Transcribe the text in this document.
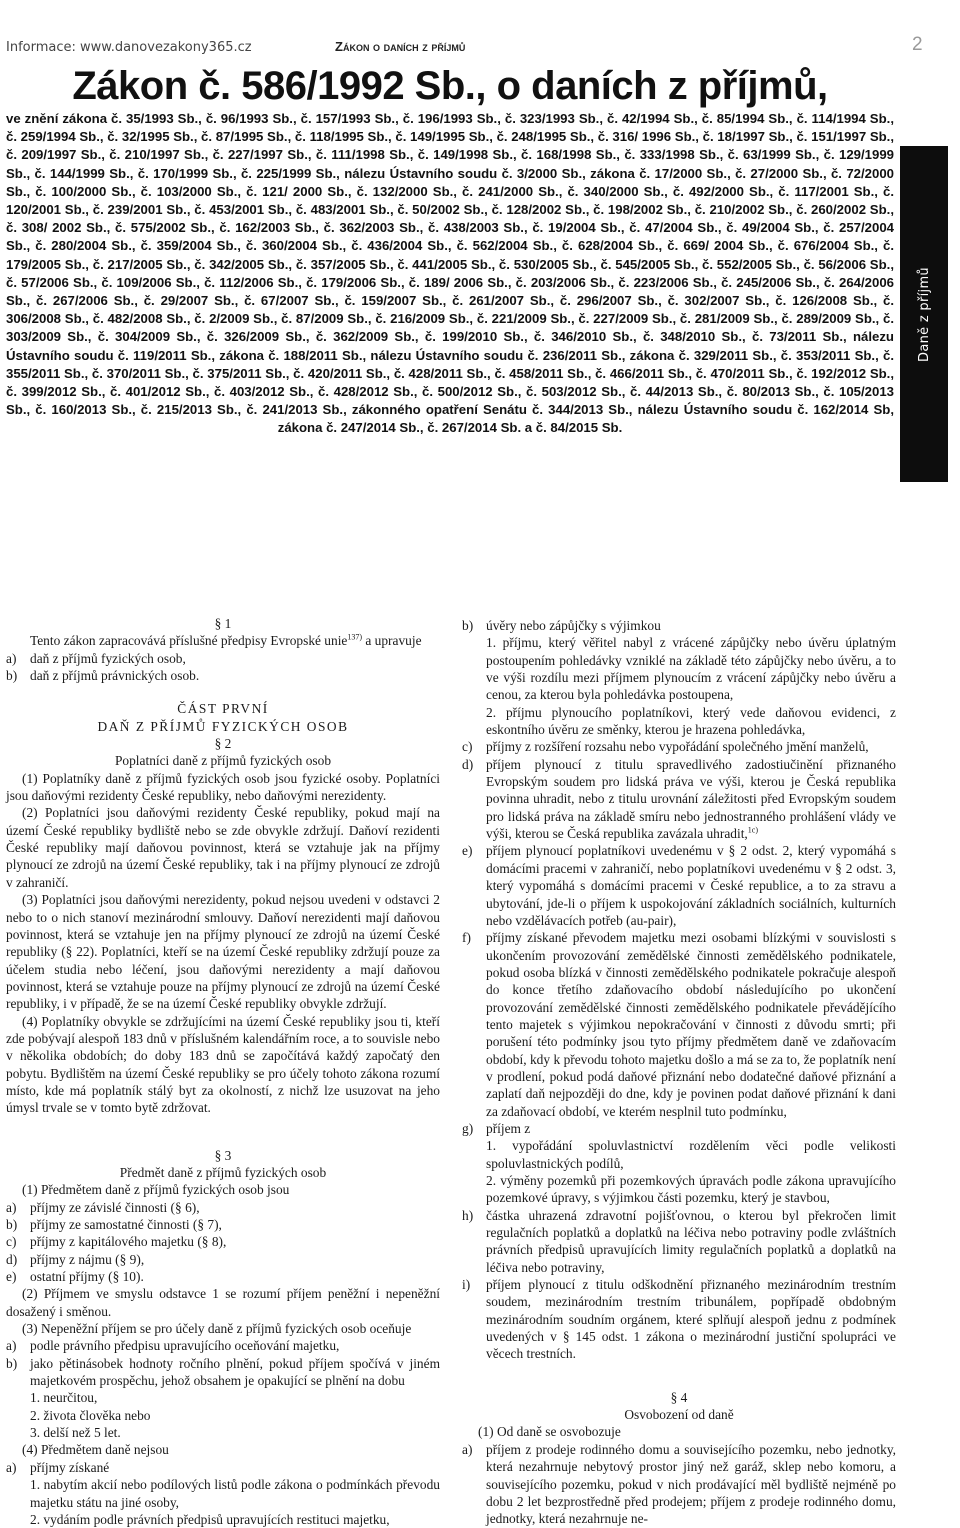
Informace: www.danovezakony365.cz	Zákon o daních z příjmů	2
Daně z příjmů
Zákon č. 586/1992 Sb., o daních z příjmů,

ve znění zákona č. 35/1993 Sb., č. 96/1993 Sb., č. 157/1993 Sb., č. 196/1993 Sb., č. 323/1993 Sb., č. 42/1994 Sb., č. 85/1994 Sb., č. 114/1994 Sb., č. 259/1994 Sb., č. 32/1995 Sb., č. 87/1995 Sb., č. 118/1995 Sb., č. 149/1995 Sb., č. 248/1995 Sb., č. 316/ 1996 Sb., č. 18/1997 Sb., č. 151/1997 Sb., č. 209/1997 Sb., č. 210/1997 Sb., č. 227/1997 Sb., č. 111/1998 Sb., č. 149/1998 Sb., č. 168/1998 Sb., č. 333/1998 Sb., č. 63/1999 Sb., č. 129/1999 Sb., č. 144/1999 Sb., č. 170/1999 Sb., č. 225/1999 Sb., nálezu Ústavního soudu č. 3/2000 Sb., zákona č. 17/2000 Sb., č. 27/2000 Sb., č. 72/2000 Sb., č. 100/2000 Sb., č. 103/2000 Sb., č. 121/ 2000 Sb., č. 132/2000 Sb., č. 241/2000 Sb., č. 340/2000 Sb., č. 492/2000 Sb., č. 117/2001 Sb., č. 120/2001 Sb., č. 239/2001 Sb., č. 453/2001 Sb., č. 483/2001 Sb., č. 50/2002 Sb., č. 128/2002 Sb., č. 198/2002 Sb., č. 210/2002 Sb., č. 260/2002 Sb., č. 308/ 2002 Sb., č. 575/2002 Sb., č. 162/2003 Sb., č. 362/2003 Sb., č. 438/2003 Sb., č. 19/2004 Sb., č. 47/2004 Sb., č. 49/2004 Sb., č. 257/2004 Sb., č. 280/2004 Sb., č. 359/2004 Sb., č. 360/2004 Sb., č. 436/2004 Sb., č. 562/2004 Sb., č. 628/2004 Sb., č. 669/ 2004 Sb., č. 676/2004 Sb., č. 179/2005 Sb., č. 217/2005 Sb., č. 342/2005 Sb., č. 357/2005 Sb., č. 441/2005 Sb., č. 530/2005 Sb., č. 545/2005 Sb., č. 552/2005 Sb., č. 56/2006 Sb., č. 57/2006 Sb., č. 109/2006 Sb., č. 112/2006 Sb., č. 179/2006 Sb., č. 189/ 2006 Sb., č. 203/2006 Sb., č. 223/2006 Sb., č. 245/2006 Sb., č. 264/2006 Sb., č. 267/2006 Sb., č. 29/2007 Sb., č. 67/2007 Sb., č. 159/2007 Sb., č. 261/2007 Sb., č. 296/2007 Sb., č. 302/2007 Sb., č. 126/2008 Sb., č. 306/2008 Sb., č. 482/2008 Sb., č. 2/2009 Sb., č. 87/2009 Sb., č. 216/2009 Sb., č. 221/2009 Sb., č. 227/2009 Sb., č. 281/2009 Sb., č. 289/2009 Sb., č. 303/2009 Sb., č. 304/2009 Sb., č. 326/2009 Sb., č. 362/2009 Sb., č. 199/2010 Sb., č. 346/2010 Sb., č. 348/2010 Sb., č. 73/2011 Sb., nálezu Ústavního soudu č. 119/2011 Sb., zákona č. 188/2011 Sb., nálezu Ústavního soudu č. 236/2011 Sb., zákona č. 329/2011 Sb., č. 353/2011 Sb., č. 355/2011 Sb., č. 370/2011 Sb., č. 375/2011 Sb., č. 420/2011 Sb., č. 428/2011 Sb., č. 458/2011 Sb., č. 466/2011 Sb., č. 470/2011 Sb., č. 192/2012 Sb., č. 399/2012 Sb., č. 401/2012 Sb., č. 403/2012 Sb., č. 428/2012 Sb., č. 500/2012 Sb., č. 503/2012 Sb., č. 44/2013 Sb., č. 80/2013 Sb., č. 105/2013 Sb., č. 160/2013 Sb., č. 215/2013 Sb., č. 241/2013 Sb., zákonného opatření Senátu č. 344/2013 Sb., nálezu Ústavního soudu č. 162/2014 Sb, zákona č. 247/2014 Sb., č. 267/2014 Sb. a č. 84/2015 Sb.

§ 1

Tento zákon zapracovává příslušné předpisy Evropské unie$^{137)}$ a upravuje

a) daň z příjmů fyzických osob,

b) daň z příjmů právnických osob.

ČÁST PRVNÍ

DAŇ Z PŘÍJMŮ FYZICKÝCH OSOB

§ 2

Poplatníci daně z příjmů fyzických osob

(1) Poplatníky daně z příjmů fyzických osob jsou fyzické osoby. Poplatníci jsou daňovými rezidenty České republiky, nebo daňovými nerezidenty.

(2) Poplatníci jsou daňovými rezidenty České republiky, pokud mají na území České republiky bydliště nebo se zde obvykle zdržují. Daňoví rezidenti České republiky mají daňovou povinnost, která se vztahuje jak na příjmy plynoucí ze zdrojů na území České republiky, tak i na příjmy plynoucí ze zdrojů v zahraničí.

(3) Poplatníci jsou daňovými nerezidenty, pokud nejsou uvedeni v odstavci 2 nebo to o nich stanoví mezinárodní smlouvy. Daňoví nerezidenti mají daňovou povinnost, která se vztahuje jen na příjmy plynoucí ze zdrojů na území České republiky (§ 22). Poplatníci, kteří se na území České republiky zdržují pouze za účelem studia nebo léčení, jsou daňovými nerezidenty a mají daňovou povinnost, která se vztahuje pouze na příjmy plynoucí ze zdrojů na území České republiky, i v případě, že se na území České republiky obvykle zdržují.

(4) Poplatníky obvykle se zdržujícími na území České republiky jsou ti, kteří zde pobývají alespoň 183 dnů v příslušném kalendářním roce, a to souvisle nebo v několika obdobích; do doby 183 dnů se započítává každý započatý den pobytu. Bydlištěm na území České republiky se pro účely tohoto zákona rozumí místo, kde má poplatník stálý byt za okolností, z nichž lze usuzovat na jeho úmysl trvale se v tomto bytě zdržovat.

§ 3

Předmět daně z příjmů fyzických osob

(1) Předmětem daně z příjmů fyzických osob jsou

a) příjmy ze závislé činnosti (§ 6),

b) příjmy ze samostatné činnosti (§ 7),

c) příjmy z kapitálového majetku (§ 8),

d) příjmy z nájmu (§ 9),

e) ostatní příjmy (§ 10).

(2) Příjmem ve smyslu odstavce 1 se rozumí příjem peněžní i nepeněžní dosažený i směnou.

(3) Nepeněžní příjem se pro účely daně z příjmů fyzických osob oceňuje

a) podle právního předpisu upravujícího oceňování majetku,

b) jako pětinásobek hodnoty ročního plnění, pokud příjem spočívá v jiném majetkovém prospěchu, jehož obsahem je opakující se plnění na dobu

1. neurčitou,

2. života člověka nebo

3. delší než 5 let.

(4) Předmětem daně nejsou

a) příjmy získané

1. nabytím akcií nebo podílových listů podle zákona o podmínkách převodu majetku státu na jiné osoby,

2. vydáním podle právních předpisů upravujících restituci majetku,

b) úvěry nebo zápůjčky s výjimkou

1. příjmu, který věřitel nabyl z vrácené zápůjčky nebo úvěru úplatným postoupením pohledávky vzniklé na základě této zápůjčky nebo úvěru, a to ve výši rozdílu mezi příjmem plynoucím z vrácení zápůjčky nebo úvěru a cenou, za kterou byla pohledávka postoupena,

2. příjmu plynoucího poplatníkovi, který vede daňovou evidenci, z eskontního úvěru ze směnky, kterou je hrazena pohledávka,

c) příjmy z rozšíření rozsahu nebo vypořádání společného jmění manželů,

d) příjem plynoucí z titulu spravedlivého zadostiučinění přiznaného Evropským soudem pro lidská práva ve výši, kterou je Česká republika povinna uhradit, nebo z titulu urovnání záležitosti před Evropským soudem pro lidská práva na základě smíru nebo jednostranného prohlášení vlády ve výši, kterou se Česká republika zavázala uhradit,$^{1c)}$

e) příjem plynoucí poplatníkovi uvedenému v § 2 odst. 2, který vypomáhá s domácími pracemi v zahraničí, nebo poplatníkovi uvedenému v § 2 odst. 3, který vypomáhá s domácími pracemi v České republice, a to za stravu a ubytování, jde-li o příjem k uspokojování základních sociálních, kulturních nebo vzdělávacích potřeb (au-pair),

f) příjmy získané převodem majetku mezi osobami blízkými v souvislosti s ukončením provozování zemědělské činnosti zemědělského podnikatele, pokud osoba blízká v činnosti zemědělského podnikatele pokračuje alespoň do konce třetího zdaňovacího období následujícího po ukončení provozování zemědělské činnosti zemědělského podnikatele převádějícího tento majetek s výjimkou nepokračování v činnosti z důvodu smrti; při porušení této podmínky jsou tyto příjmy předmětem daně ve zdaňovacím období, kdy k převodu tohoto majetku došlo a má se za to, že poplatník není v prodlení, pokud podá daňové přiznání nebo dodatečné daňové přiznání a zaplatí daň nejpozději do dne, kdy je povinen podat daňové přiznání k dani za zdaňovací období, ve kterém nesplnil tuto podmínku,

g) příjem z

1. vypořádání spoluvlastnictví rozdělením věci podle velikosti spoluvlastnických podílů,

2. výměny pozemků při pozemkových úpravách podle zákona upravujícího pozemkové úpravy, s výjimkou části pozemku, který je stavbou,

h) částka uhrazená zdravotní pojišťovnou, o kterou byl překročen limit regulačních poplatků a doplatků na léčiva nebo potraviny podle zvláštních právních předpisů upravujících limity regulačních poplatků a doplatků na léčiva nebo potraviny,

i) příjem plynoucí z titulu odškodnění přiznaného mezinárodním trestním soudem, mezinárodním trestním tribunálem, popřípadě obdobným mezinárodním soudním orgánem, které splňují alespoň jednu z podmínek uvedených v § 145 odst. 1 zákona o mezinárodní justiční spolupráci ve věcech trestních.

§ 4

Osvobození od daně

(1) Od daně se osvobozuje

a) příjem z prodeje rodinného domu a souvisejícího pozemku, nebo jednotky, která nezahrnuje nebytový prostor jiný než garáž, sklep nebo komoru, a souvisejícího pozemku, pokud v nich prodávající měl bydliště nejméně po dobu 2 let bezprostředně před prodejem; příjem z prodeje rodinného domu, jednotky, která nezahrnuje ne-
